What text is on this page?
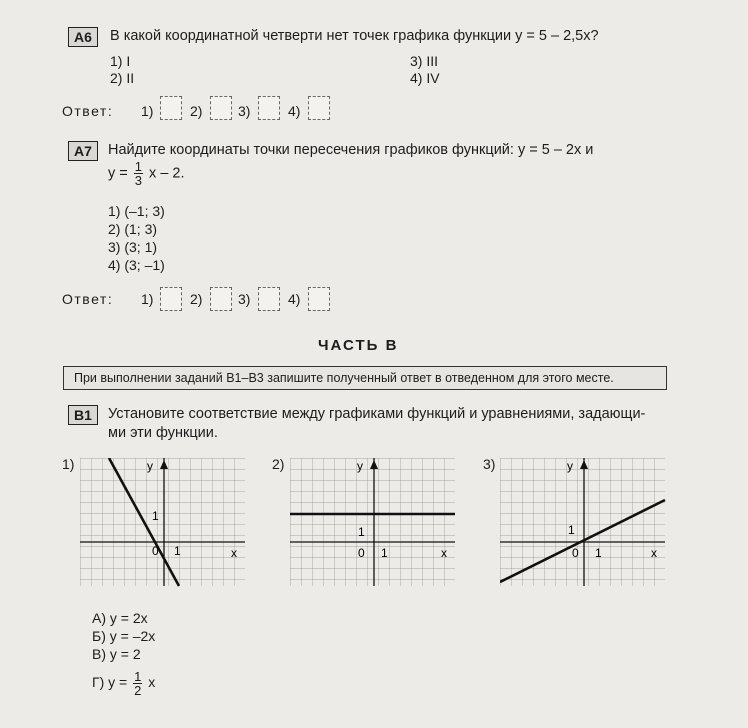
A6	В какой координатной четверти нет точек графика функции y = 5 – 2,5x?
1) I
2) II
3) III
4) IV
Ответ: 1)	2)	3)	4)
A7	Найдите координаты точки пересечения графиков функций: y = 5 – 2x и
$y = \frac{1}{3}$ x – 2.
1) (–1; 3)
2) (1; 3)
3) (3; 1)
4) (3; –1)
Ответ: 1)	2)	3)	4)
ЧАСТЬ В
При выполнении заданий В1–В3 запишите полученный ответ в отведенном для этого месте.
B1	Установите соответствие между графиками функций и уравнениями, задающи-
ми эти функции.
1)	y
x
0 1
1
2)	y
x
0 1
1
3)	y
x
0 1
1
А) y = 2x
Б) y = –2x
В) y = 2
Г) $y = \frac{1}{2}$ x
